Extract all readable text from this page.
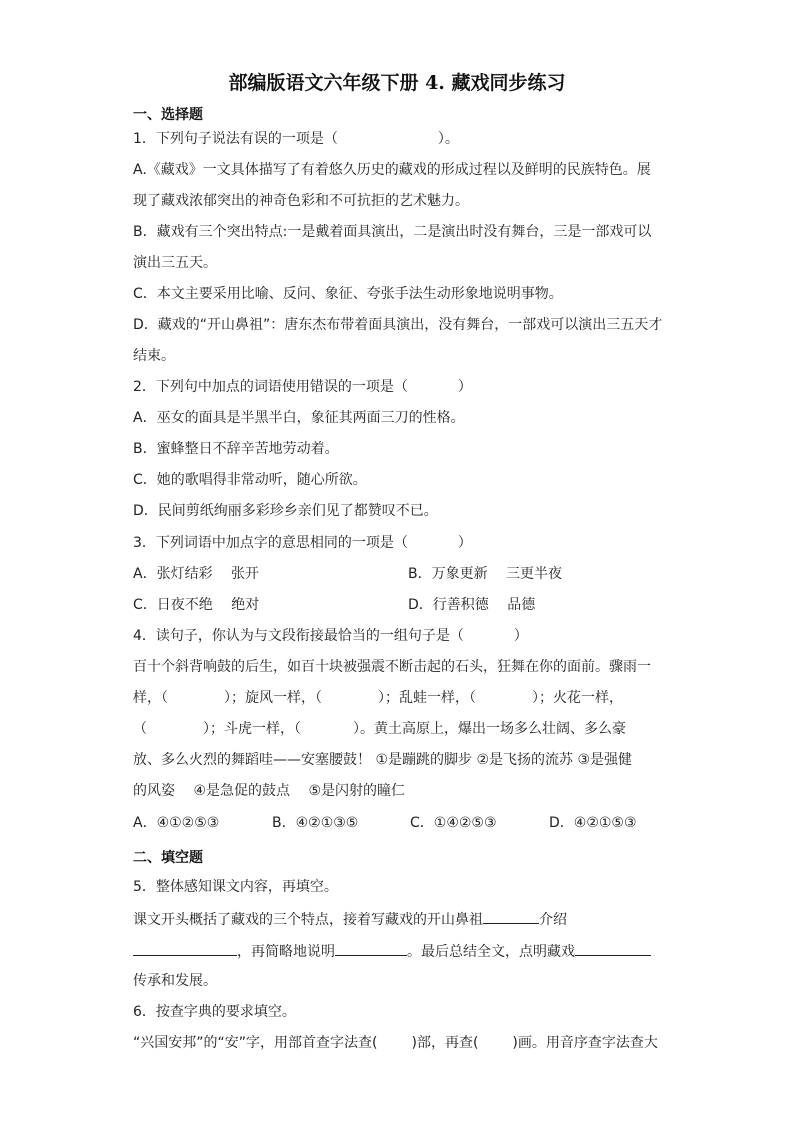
部编版语文六年级下册 4. 藏戏同步练习
一、选择题
1．下列句子说法有误的一项是（	）。
A.《藏戏》一文具体描写了有着悠久历史的藏戏的形成过程以及鲜明的民族特色。展
现了藏戏浓郁突出的神奇色彩和不可抗拒的艺术魅力。
B．藏戏有三个突出特点:一是戴着面具演出，二是演出时没有舞台，三是一部戏可以
演出三五天。
C．本文主要采用比喻、反问、象征、夸张手法生动形象地说明事物。
D．藏戏的“开山鼻祖”：唐东杰布带着面具演出，没有舞台，一部戏可以演出三五天才
结束。
2．下列句中加点的词语使用错误的一项是（	）
A．巫女的面具是半黑半白，象征其两面三刀的性格。
B．蜜蜂整日不辞辛苦地劳动着。
C．她的歌唱得非常动听，随心所欲。
D．民间剪纸绚丽多彩珍乡亲们见了都赞叹不已。
3．下列词语中加点字的意思相同的一项是（	）
A．张灯结彩　 张开	B．万象更新　 三更半夜
C．日夜不绝　 绝对	D．行善积德　 品德
4．读句子，你认为与文段衔接最恰当的一组句子是（	）
百十个斜背响鼓的后生，如百十块被强震不断击起的石头，狂舞在你的面前。骤雨一
样，（	）；旋风一样，（	）；乱蛙一样，（	）；火花一样，
（	）；斗虎一样，（	）。黄土高原上，爆出一场多么壮阔、多么豪
放、多么火烈的舞蹈哇——安塞腰鼓！ ①是蹦跳的脚步 ②是飞扬的流苏 ③是强健
的风姿　 ④是急促的鼓点　 ⑤是闪射的瞳仁
A．④①②⑤③	B．④②①③⑤	C．①④②⑤③	D．④②①⑤③
二、填空题
5．整体感知课文内容，再填空。
课文开头概括了藏戏的三个特点，接着写藏戏的开山鼻祖	介绍
，再简略地说明	。最后总结全文，点明藏戏
传承和发展。
6．按查字典的要求填空。
“兴国安邦”的“安”字，用部首查字法查( )部，再查( )画。用音序查字法查大
